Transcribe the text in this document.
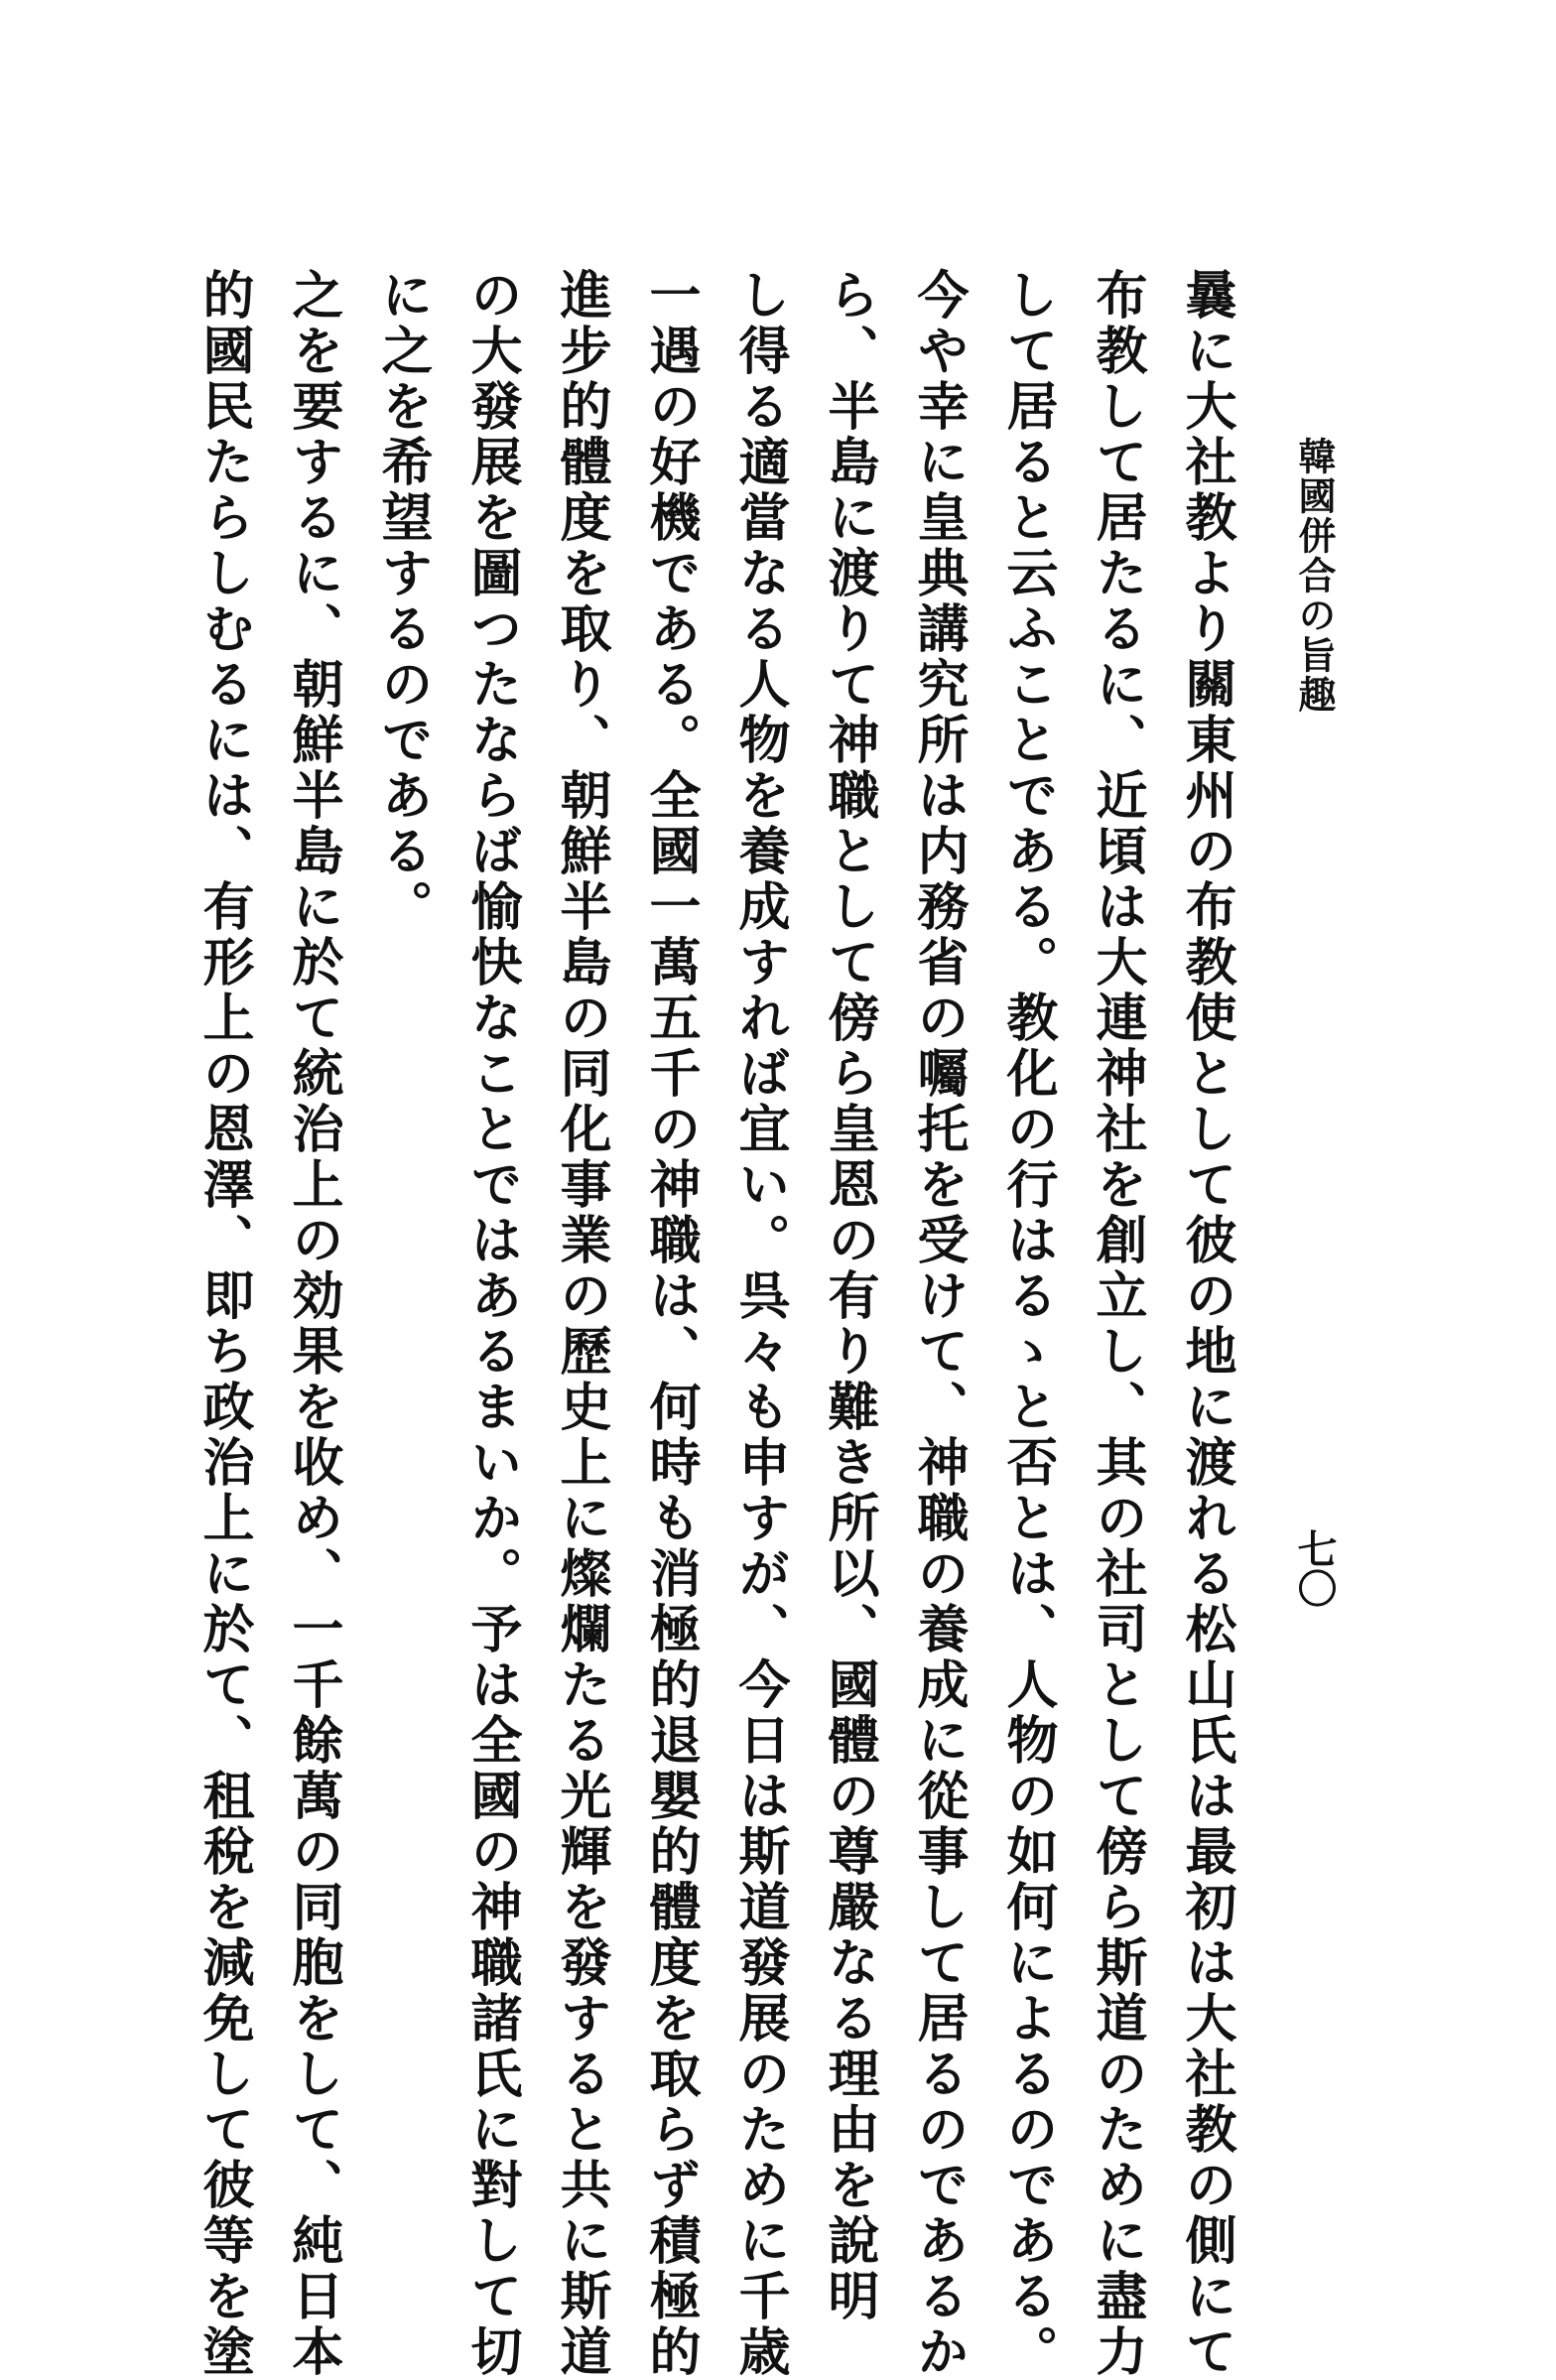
韓國併合の旨趣
七〇
曩に大社教より關東州の布教使として彼の地に渡れる松山氏は最初は大社教の側にて
布教して居たるに、近頃は大連神社を創立し、其の社司として傍ら斯道のために盡力
して居ると云ふことである。教化の行はるゝと否とは、人物の如何によるのである。
今や幸に皇典講究所は内務省の囑托を受けて、神職の養成に從事して居るのであるか
ら、半島に渡りて神職として傍ら皇恩の有り難き所以、國體の尊嚴なる理由を說明
し得る適當なる人物を養成すれば宜い。呉々も申すが、今日は斯道發展のために千歳
一遇の好機である。全國一萬五千の神職は、何時も消極的退嬰的體度を取らず積極的
進步的體度を取り、朝鮮半島の同化事業の歷史上に燦爛たる光輝を發すると共に斯道
の大發展を圖つたならば愉快なことではあるまいか。予は全國の神職諸氏に對して切
に之を希望するのである。
之を要するに、朝鮮半島に於て統治上の効果を收め、一千餘萬の同胞をして、純日本
的國民たらしむるには、有形上の恩澤、即ち政治上に於て、租稅を減免して彼等を塗
